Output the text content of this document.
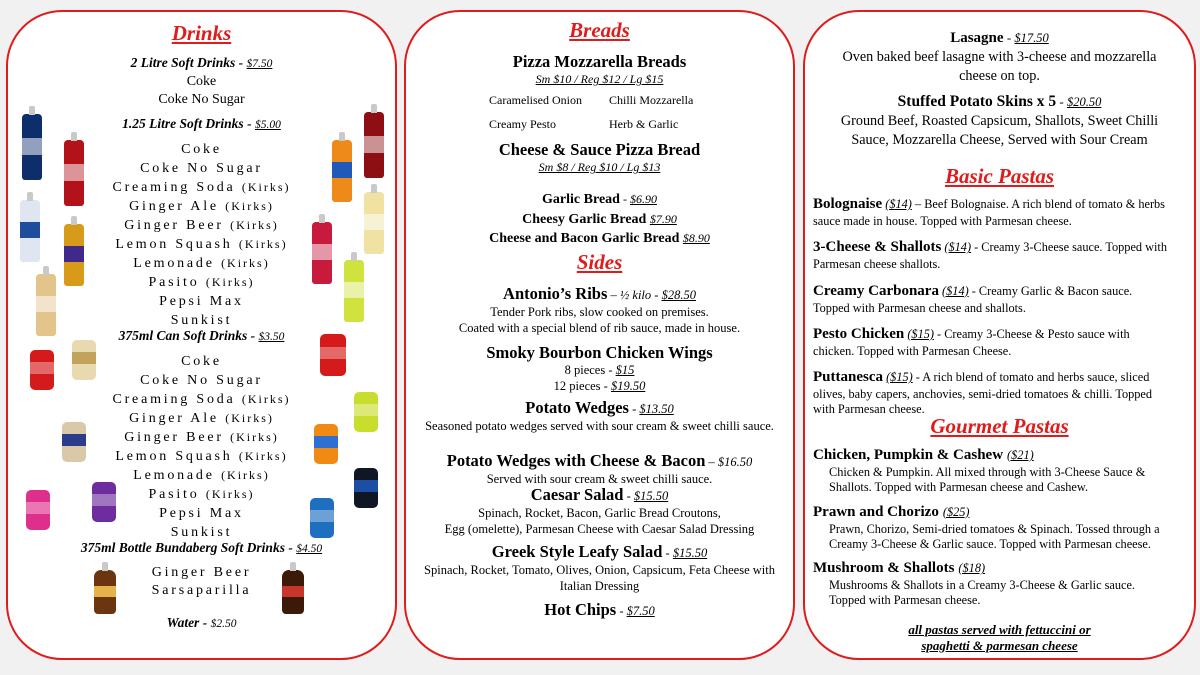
Drinks
2 Litre Soft Drinks - $7.50
Coke
Coke No Sugar
1.25 Litre Soft Drinks - $5.00
Coke
Coke No Sugar
Creaming Soda (Kirks)
Ginger Ale (Kirks)
Ginger Beer (Kirks)
Lemon Squash (Kirks)
Lemonade (Kirks)
Pasito (Kirks)
Pepsi Max
Sunkist
375ml Can Soft Drinks - $3.50
Coke
Coke No Sugar
Creaming Soda (Kirks)
Ginger Ale (Kirks)
Ginger Beer (Kirks)
Lemon Squash (Kirks)
Lemonade (Kirks)
Pasito (Kirks)
Pepsi Max
Sunkist
375ml Bottle Bundaberg Soft Drinks - $4.50
Ginger Beer
Sarsaparilla
Water - $2.50
Breads
Pizza Mozzarella Breads
Sm $10 / Reg $12 / Lg $15
Caramelised Onion Chilli Mozzarella
Creamy Pesto	Herb & Garlic
Cheese & Sauce Pizza Bread
Sm $8 / Reg $10 / Lg $13
Garlic Bread - $6.90
Cheesy Garlic Bread $7.90
Cheese and Bacon Garlic Bread $8.90
Sides
Antonio’s Ribs – ½ kilo - $28.50
Tender Pork ribs, slow cooked on premises.
Coated with a special blend of rib sauce, made in house.
Smoky Bourbon Chicken Wings
8 pieces - $15
12 pieces - $19.50
Potato Wedges - $13.50
Seasoned potato wedges served with sour cream & sweet chilli sauce.
Potato Wedges with Cheese & Bacon – $16.50
Served with sour cream & sweet chilli sauce.
Caesar Salad - $15.50
Spinach, Rocket, Bacon, Garlic Bread Croutons,
Egg (omelette), Parmesan Cheese with Caesar Salad Dressing
Greek Style Leafy Salad - $15.50
Spinach, Rocket, Tomato, Olives, Onion, Capsicum, Feta Cheese with
Italian Dressing
Hot Chips - $7.50
Lasagne - $17.50
Oven baked beef lasagne with 3-cheese and mozzarella
cheese on top.
Stuffed Potato Skins x 5 - $20.50
Ground Beef, Roasted Capsicum, Shallots, Sweet Chilli
Sauce, Mozzarella Cheese, Served with Sour Cream
Basic Pastas
Bolognaise ($14) – Beef Bolognaise. A rich blend of tomato & herbs
sauce made in house. Topped with Parmesan cheese.
3-Cheese & Shallots ($14) - Creamy 3-Cheese sauce. Topped with
Parmesan cheese shallots.
Creamy Carbonara ($14) - Creamy Garlic & Bacon sauce.
Topped with Parmesan cheese and shallots.
Pesto Chicken ($15) - Creamy 3-Cheese & Pesto sauce with
chicken. Topped with Parmesan Cheese.
Puttanesca ($15) - A rich blend of tomato and herbs sauce, sliced
olives, baby capers, anchovies, semi-dried tomatoes & chilli. Topped
with Parmesan cheese.
Gourmet Pastas
Chicken, Pumpkin & Cashew ($21)
Chicken & Pumpkin. All mixed through with 3-Cheese Sauce &
Shallots. Topped with Parmesan cheese and Cashew.
Prawn and Chorizo ($25)
Prawn, Chorizo, Semi-dried tomatoes & Spinach. Tossed through a
Creamy 3-Cheese & Garlic sauce. Topped with Parmesan cheese.
Mushroom & Shallots ($18)
Mushrooms & Shallots in a Creamy 3-Cheese & Garlic sauce.
Topped with Parmesan cheese.
all pastas served with fettuccini or
spaghetti & parmesan cheese
